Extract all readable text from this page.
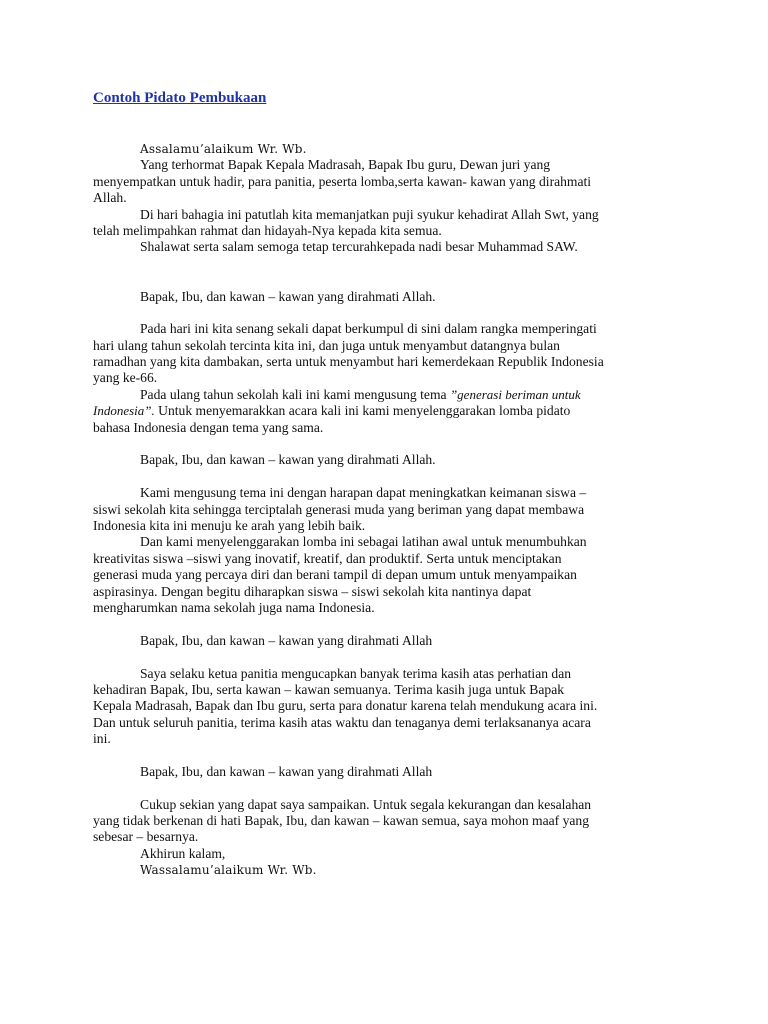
Contoh Pidato Pembukaan
Assalamu’alaikum Wr. Wb.
Yang terhormat Bapak Kepala Madrasah, Bapak Ibu guru, Dewan juri yang
menyempatkan untuk hadir, para panitia, peserta lomba,serta kawan- kawan yang dirahmati
Allah.
Di hari bahagia ini patutlah kita memanjatkan puji syukur kehadirat Allah Swt, yang
telah melimpahkan rahmat dan hidayah-Nya kepada kita semua.
Shalawat serta salam semoga tetap tercurahkepada nadi besar Muhammad SAW.
Bapak, Ibu, dan kawan – kawan yang dirahmati Allah.
Pada hari ini kita senang sekali dapat berkumpul di sini dalam rangka memperingati
hari ulang tahun sekolah tercinta kita ini, dan juga untuk menyambut datangnya bulan
ramadhan yang kita dambakan, serta untuk menyambut hari kemerdekaan Republik Indonesia
yang ke-66.
Pada ulang tahun sekolah kali ini kami mengusung tema ”generasi beriman untuk
Indonesia”. Untuk menyemarakkan acara kali ini kami menyelenggarakan lomba pidato
bahasa Indonesia dengan tema yang sama.
Bapak, Ibu, dan kawan – kawan yang dirahmati Allah.
Kami mengusung tema ini dengan harapan dapat meningkatkan keimanan siswa –
siswi sekolah kita sehingga terciptalah generasi muda yang beriman yang dapat membawa
Indonesia kita ini menuju ke arah yang lebih baik.
Dan kami menyelenggarakan lomba ini sebagai latihan awal untuk menumbuhkan
kreativitas siswa –siswi yang inovatif, kreatif, dan produktif. Serta untuk menciptakan
generasi muda yang percaya diri dan berani tampil di depan umum untuk menyampaikan
aspirasinya. Dengan begitu diharapkan siswa – siswi sekolah kita nantinya dapat
mengharumkan nama sekolah juga nama Indonesia.
Bapak, Ibu, dan kawan – kawan yang dirahmati Allah
Saya selaku ketua panitia mengucapkan banyak terima kasih atas perhatian dan
kehadiran Bapak, Ibu, serta kawan – kawan semuanya. Terima kasih juga untuk Bapak
Kepala Madrasah, Bapak dan Ibu guru, serta para donatur karena telah mendukung acara ini.
Dan untuk seluruh panitia, terima kasih atas waktu dan tenaganya demi terlaksananya acara
ini.
Bapak, Ibu, dan kawan – kawan yang dirahmati Allah
Cukup sekian yang dapat saya sampaikan. Untuk segala kekurangan dan kesalahan
yang tidak berkenan di hati Bapak, Ibu, dan kawan – kawan semua, saya mohon maaf yang
sebesar – besarnya.
Akhirun kalam,
Wassalamu’alaikum Wr. Wb.
